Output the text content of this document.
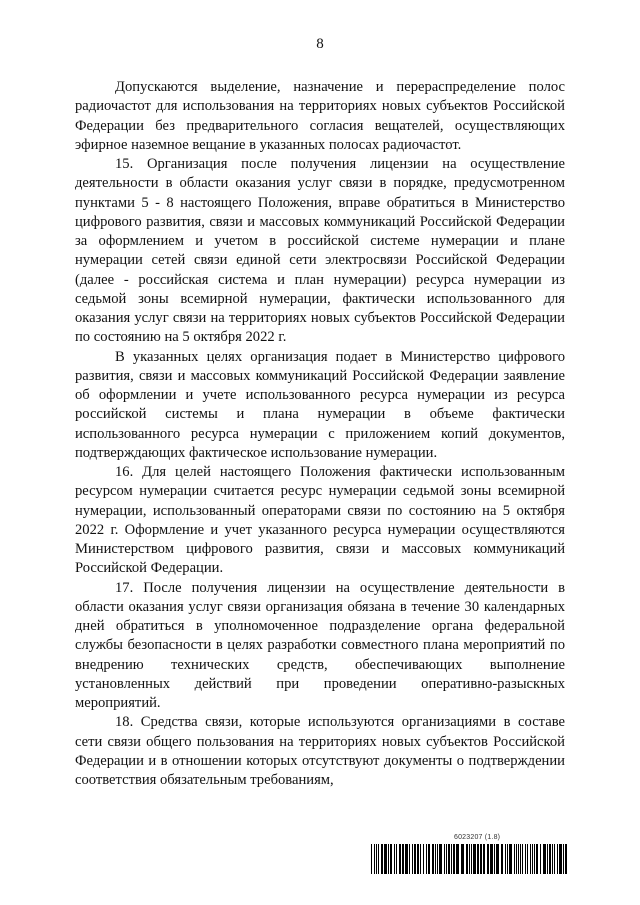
8

Допускаются выделение, назначение и перераспределение полос радиочастот для использования на территориях новых субъектов Российской Федерации без предварительного согласия вещателей, осуществляющих эфирное наземное вещание в указанных полосах радиочастот.

15. Организация после получения лицензии на осуществление деятельности в области оказания услуг связи в порядке, предусмотренном пунктами 5 - 8 настоящего Положения, вправе обратиться в Министерство цифрового развития, связи и массовых коммуникаций Российской Федерации за оформлением и учетом в российской системе нумерации и плане нумерации сетей связи единой сети электросвязи Российской Федерации (далее - российская система и план нумерации) ресурса нумерации из седьмой зоны всемирной нумерации, фактически использованного для оказания услуг связи на территориях новых субъектов Российской Федерации по состоянию на 5 октября 2022 г.

В указанных целях организация подает в Министерство цифрового развития, связи и массовых коммуникаций Российской Федерации заявление об оформлении и учете использованного ресурса нумерации из ресурса российской системы и плана нумерации в объеме фактически использованного ресурса нумерации с приложением копий документов, подтверждающих фактическое использование нумерации.

16. Для целей настоящего Положения фактически использованным ресурсом нумерации считается ресурс нумерации седьмой зоны всемирной нумерации, использованный операторами связи по состоянию на 5 октября 2022 г. Оформление и учет указанного ресурса нумерации осуществляются Министерством цифрового развития, связи и массовых коммуникаций Российской Федерации.

17. После получения лицензии на осуществление деятельности в области оказания услуг связи организация обязана в течение 30 календарных дней обратиться в уполномоченное подразделение органа федеральной службы безопасности в целях разработки совместного плана мероприятий по внедрению технических средств, обеспечивающих выполнение установленных действий при проведении оперативно-разыскных мероприятий.

18. Средства связи, которые используются организациями в составе сети связи общего пользования на территориях новых субъектов Российской Федерации и в отношении которых отсутствуют документы о подтверждении соответствия обязательным требованиям,

6023207 (1.8)
